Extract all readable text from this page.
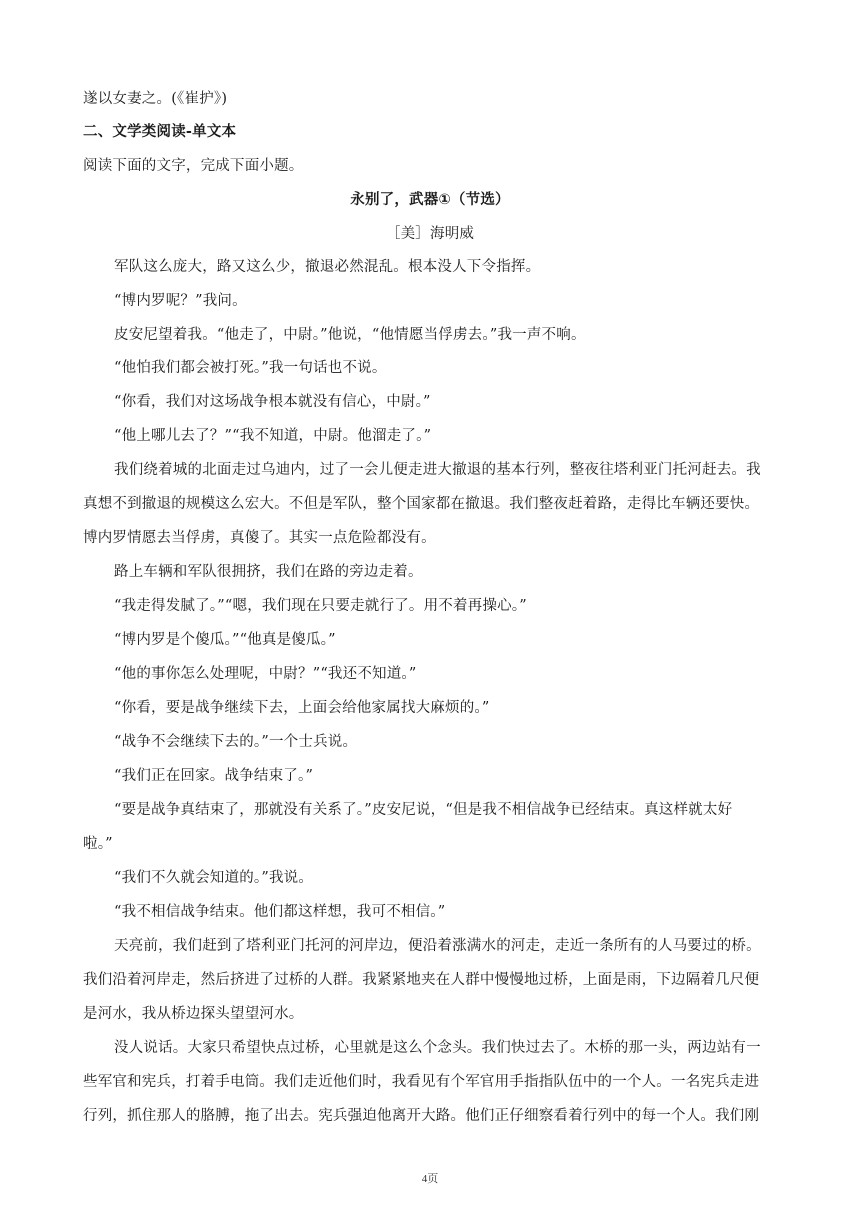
遂以女妻之。(《崔护》)
二、文学类阅读-单文本
阅读下面的文字，完成下面小题。
永别了，武器①（节选）
［美］海明威
军队这么庞大，路又这么少，撤退必然混乱。根本没人下令指挥。
“博内罗呢？”我问。
皮安尼望着我。“他走了，中尉。”他说，“他情愿当俘虏去。”我一声不响。
“他怕我们都会被打死。”我一句话也不说。
“你看，我们对这场战争根本就没有信心，中尉。”
“他上哪儿去了？”“我不知道，中尉。他溜走了。”
我们绕着城的北面走过乌迪内，过了一会儿便走进大撤退的基本行列，整夜往塔利亚门托河赶去。我
真想不到撤退的规模这么宏大。不但是军队，整个国家都在撤退。我们整夜赶着路，走得比车辆还要快。
博内罗情愿去当俘虏，真傻了。其实一点危险都没有。
路上车辆和军队很拥挤，我们在路的旁边走着。
“我走得发腻了。”“嗯，我们现在只要走就行了。用不着再操心。”
“博内罗是个傻瓜。”“他真是傻瓜。”
“他的事你怎么处理呢，中尉？”“我还不知道。”
“你看，要是战争继续下去，上面会给他家属找大麻烦的。”
“战争不会继续下去的。”一个士兵说。
“我们正在回家。战争结束了。”
“要是战争真结束了，那就没有关系了。”皮安尼说，“但是我不相信战争已经结束。真这样就太好
啦。”
“我们不久就会知道的。”我说。
“我不相信战争结束。他们都这样想，我可不相信。”
天亮前，我们赶到了塔利亚门托河的河岸边，便沿着涨满水的河走，走近一条所有的人马要过的桥。
我们沿着河岸走，然后挤进了过桥的人群。我紧紧地夹在人群中慢慢地过桥，上面是雨，下边隔着几尺便
是河水，我从桥边探头望望河水。
没人说话。大家只希望快点过桥，心里就是这么个念头。我们快过去了。木桥的那一头，两边站有一
些军官和宪兵，打着手电筒。我们走近他们时，我看见有个军官用手指指队伍中的一个人。一名宪兵走进
行列，抓住那人的胳膊，拖了出去。宪兵强迫他离开大路。他们正仔细察看着行列中的每一个人。我们刚
4页
